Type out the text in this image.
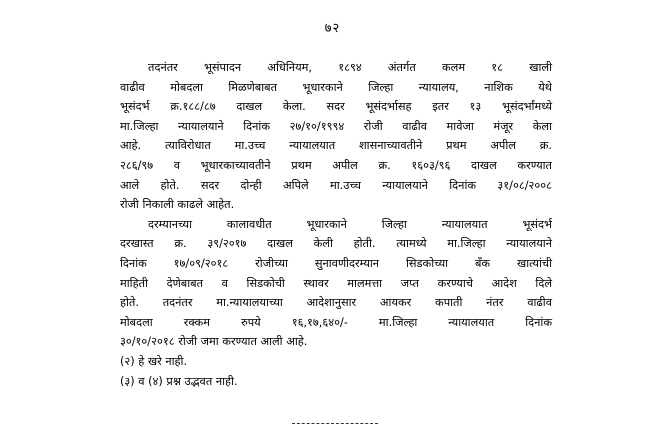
७२

तदनंतर भूसंपादन अधिनियम, १८९४ अंतर्गत कलम १८ खाली
वाढीव मोबदला मिळणेबाबत भूधारकाने जिल्हा न्यायालय, नाशिक येथे
भूसंदर्भ क्र.१८८/८७ दाखल केला. सदर भूसंदर्भासह इतर १३ भूसंदर्भांमध्ये
मा.जिल्हा न्यायालयाने दिनांक २७/१०/१९९४ रोजी वाढीव मावेजा मंजूर केला
आहे. त्याविरोधात मा.उच्च न्यायालयात शासनाच्यावतीने प्रथम अपील क्र.
२८६/९७ व भूधारकाच्यावतीने प्रथम अपील क्र. १६०३/९६ दाखल करण्यात
आले होते. सदर दोन्ही अपिले मा.उच्च न्यायालयाने दिनांक ३१/०८/२००८
रोजी निकाली काढले आहेत.

दरम्यानच्या कालावधीत भूधारकाने जिल्हा न्यायालयात भूसंदर्भ
दरखास्त क्र. ३९/२०१७ दाखल केली होती. त्यामध्ये मा.जिल्हा न्यायालयाने
दिनांक १७/०९/२०१८ रोजीच्या सुनावणीदरम्यान सिडकोच्या बँक खात्यांची
माहिती देणेबाबत व सिडकोची स्थावर मालमत्ता जप्त करण्याचे आदेश दिले
होते. तदनंतर मा.न्यायालयाच्या आदेशानुसार आयकर कपाती नंतर वाढीव
मोबदला रक्कम रुपये १६,१७,६४०/- मा.जिल्हा न्यायालयात दिनांक
३०/१०/२०१८ रोजी जमा करण्यात आली आहे.

(२) हे खरे नाही.

(३) व (४) प्रश्न उद्भवत नाही.
